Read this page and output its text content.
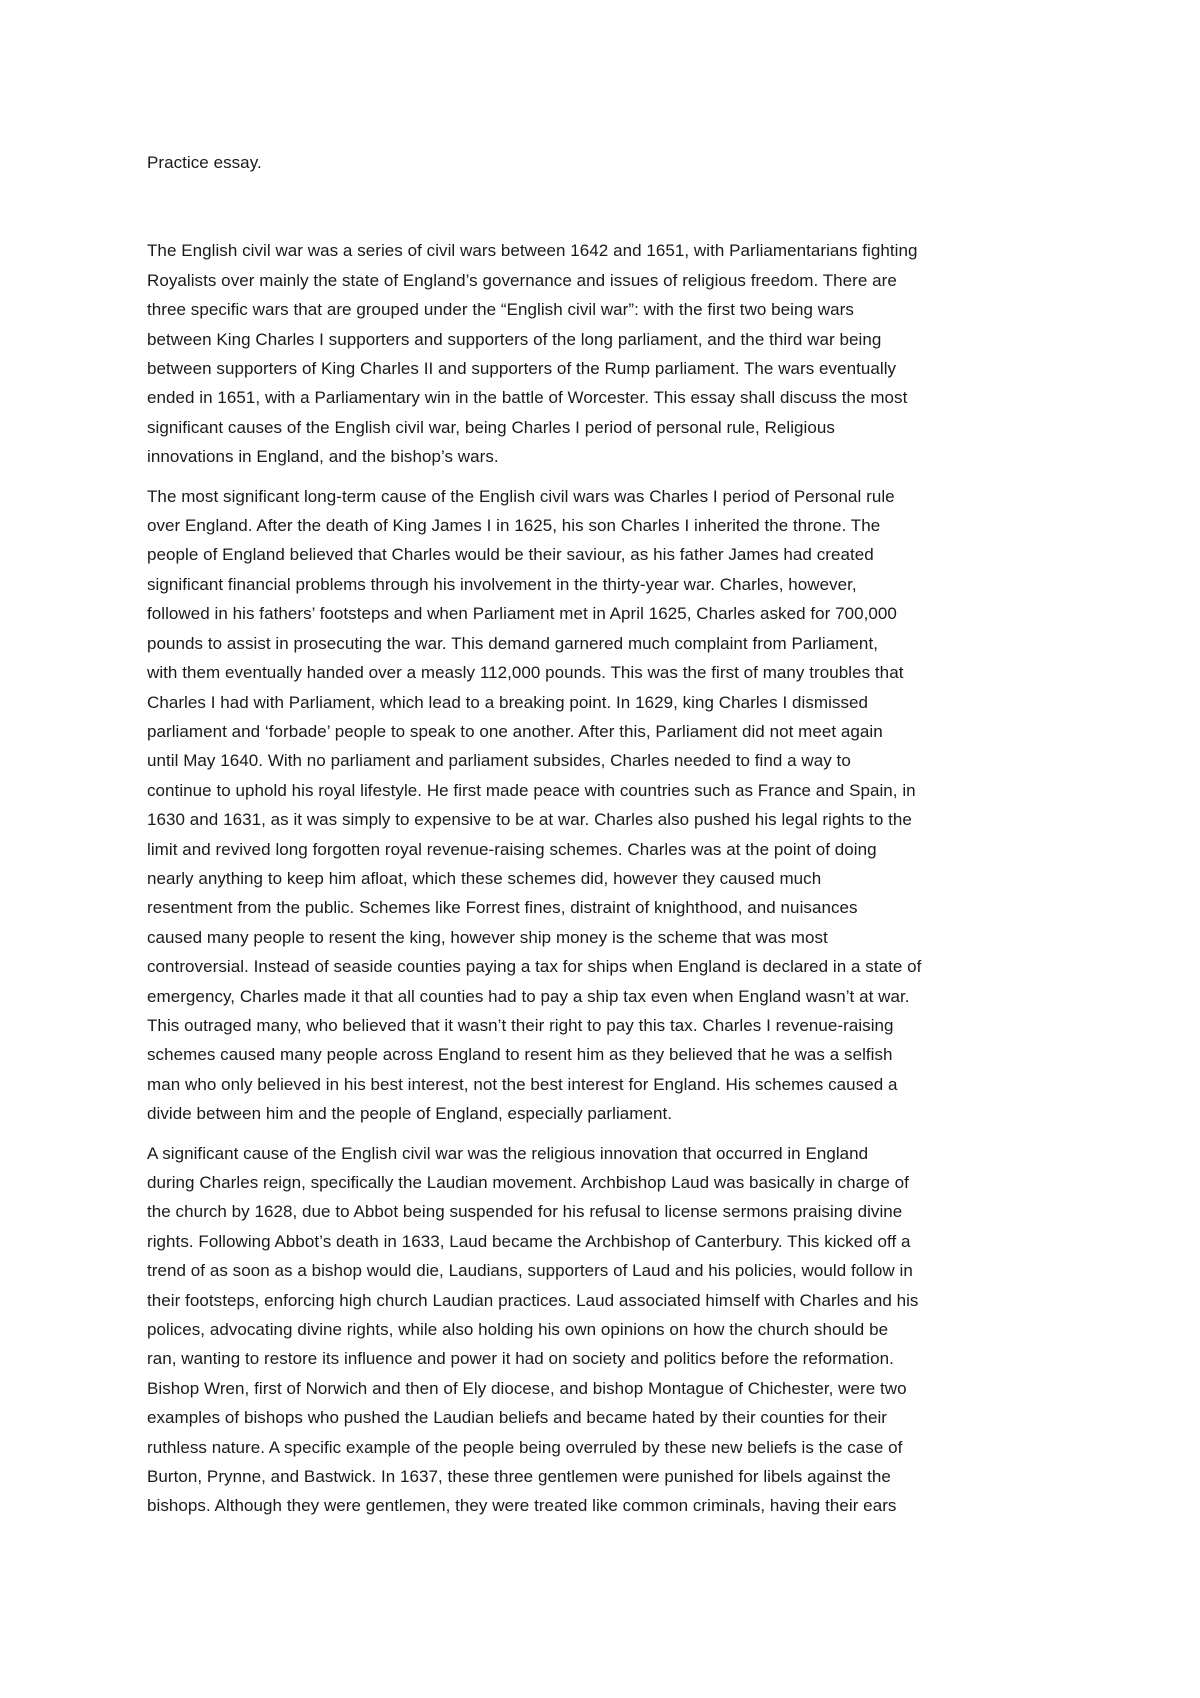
Practice essay.
The English civil war was a series of civil wars between 1642 and 1651, with Parliamentarians fighting
Royalists over mainly the state of England’s governance and issues of religious freedom. There are
three specific wars that are grouped under the “English civil war”: with the first two being wars
between King Charles I supporters and supporters of the long parliament, and the third war being
between supporters of King Charles II and supporters of the Rump parliament. The wars eventually
ended in 1651, with a Parliamentary win in the battle of Worcester. This essay shall discuss the most
significant causes of the English civil war, being Charles I period of personal rule, Religious
innovations in England, and the bishop’s wars.
The most significant long-term cause of the English civil wars was Charles I period of Personal rule
over England. After the death of King James I in 1625, his son Charles I inherited the throne. The
people of England believed that Charles would be their saviour, as his father James had created
significant financial problems through his involvement in the thirty-year war. Charles, however,
followed in his fathers’ footsteps and when Parliament met in April 1625, Charles asked for 700,000
pounds to assist in prosecuting the war. This demand garnered much complaint from Parliament,
with them eventually handed over a measly 112,000 pounds. This was the first of many troubles that
Charles I had with Parliament, which lead to a breaking point. In 1629, king Charles I dismissed
parliament and ‘forbade’ people to speak to one another. After this, Parliament did not meet again
until May 1640. With no parliament and parliament subsides, Charles needed to find a way to
continue to uphold his royal lifestyle. He first made peace with countries such as France and Spain, in
1630 and 1631, as it was simply to expensive to be at war. Charles also pushed his legal rights to the
limit and revived long forgotten royal revenue-raising schemes. Charles was at the point of doing
nearly anything to keep him afloat, which these schemes did, however they caused much
resentment from the public. Schemes like Forrest fines, distraint of knighthood, and nuisances
caused many people to resent the king, however ship money is the scheme that was most
controversial. Instead of seaside counties paying a tax for ships when England is declared in a state of
emergency, Charles made it that all counties had to pay a ship tax even when England wasn’t at war.
This outraged many, who believed that it wasn’t their right to pay this tax. Charles I revenue-raising
schemes caused many people across England to resent him as they believed that he was a selfish
man who only believed in his best interest, not the best interest for England. His schemes caused a
divide between him and the people of England, especially parliament.
A significant cause of the English civil war was the religious innovation that occurred in England
during Charles reign, specifically the Laudian movement. Archbishop Laud was basically in charge of
the church by 1628, due to Abbot being suspended for his refusal to license sermons praising divine
rights. Following Abbot’s death in 1633, Laud became the Archbishop of Canterbury. This kicked off a
trend of as soon as a bishop would die, Laudians, supporters of Laud and his policies, would follow in
their footsteps, enforcing high church Laudian practices. Laud associated himself with Charles and his
polices, advocating divine rights, while also holding his own opinions on how the church should be
ran, wanting to restore its influence and power it had on society and politics before the reformation.
Bishop Wren, first of Norwich and then of Ely diocese, and bishop Montague of Chichester, were two
examples of bishops who pushed the Laudian beliefs and became hated by their counties for their
ruthless nature. A specific example of the people being overruled by these new beliefs is the case of
Burton, Prynne, and Bastwick. In 1637, these three gentlemen were punished for libels against the
bishops. Although they were gentlemen, they were treated like common criminals, having their ears
